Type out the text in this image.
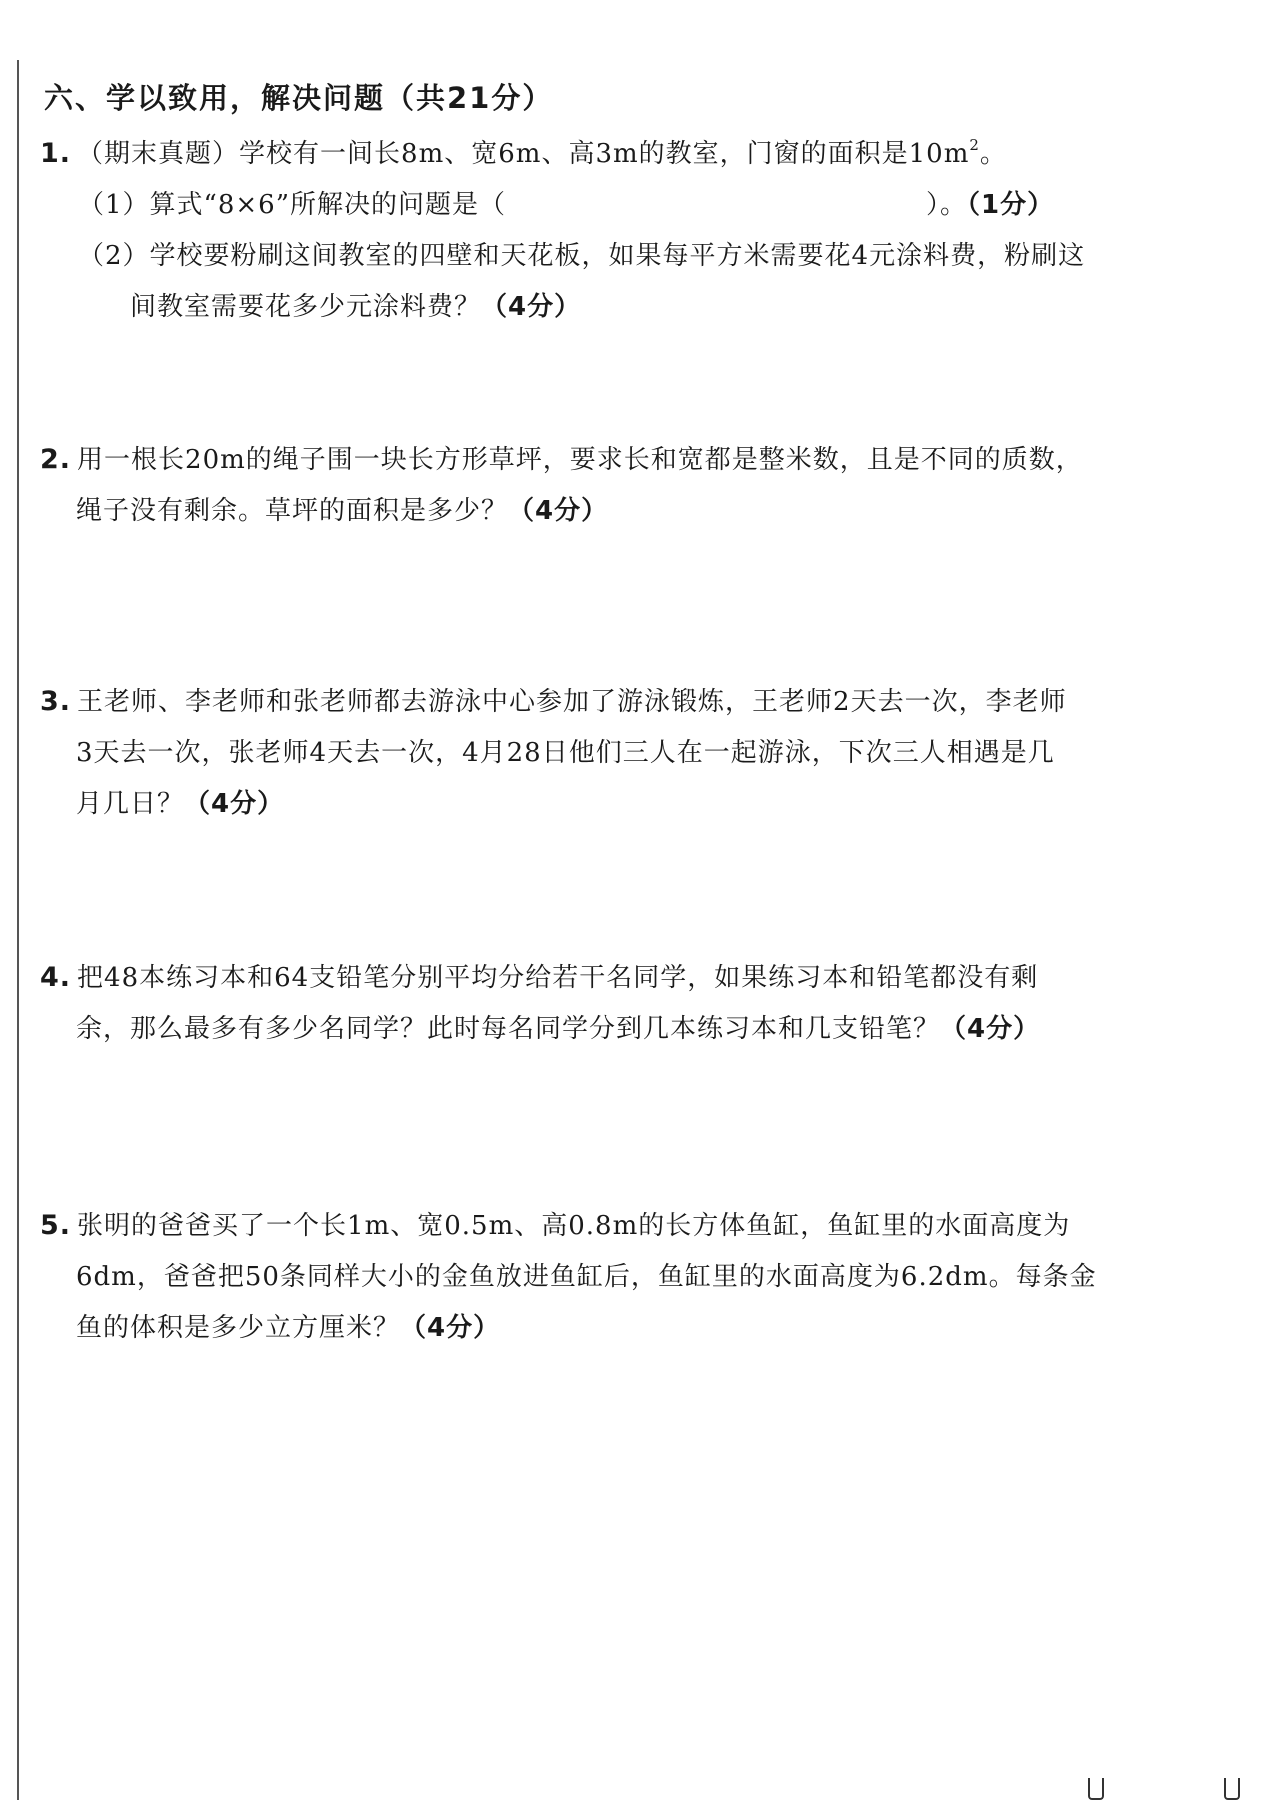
六、学以致用，解决问题（共21分）
1. （期末真题）学校有一间长8m、宽6m、高3m的教室，门窗的面积是$10m^2$。
（1）算式“8×6”所解决的问题是（	）。（1分）
（2）学校要粉刷这间教室的四壁和天花板，如果每平方米需要花4元涂料费，粉刷这
间教室需要花多少元涂料费？（4分）
2. 用一根长20m的绳子围一块长方形草坪，要求长和宽都是整米数，且是不同的质数，
绳子没有剩余。草坪的面积是多少？（4分）
3. 王老师、李老师和张老师都去游泳中心参加了游泳锻炼，王老师2天去一次，李老师
3天去一次，张老师4天去一次，4月28日他们三人在一起游泳，下次三人相遇是几
月几日？（4分）
4. 把48本练习本和64支铅笔分别平均分给若干名同学，如果练习本和铅笔都没有剩
余，那么最多有多少名同学？此时每名同学分到几本练习本和几支铅笔？（4分）
5. 张明的爸爸买了一个长1m、宽0.5m、高0.8m的长方体鱼缸，鱼缸里的水面高度为
6dm，爸爸把50条同样大小的金鱼放进鱼缸后，鱼缸里的水面高度为6.2dm。每条金
鱼的体积是多少立方厘米？（4分）
